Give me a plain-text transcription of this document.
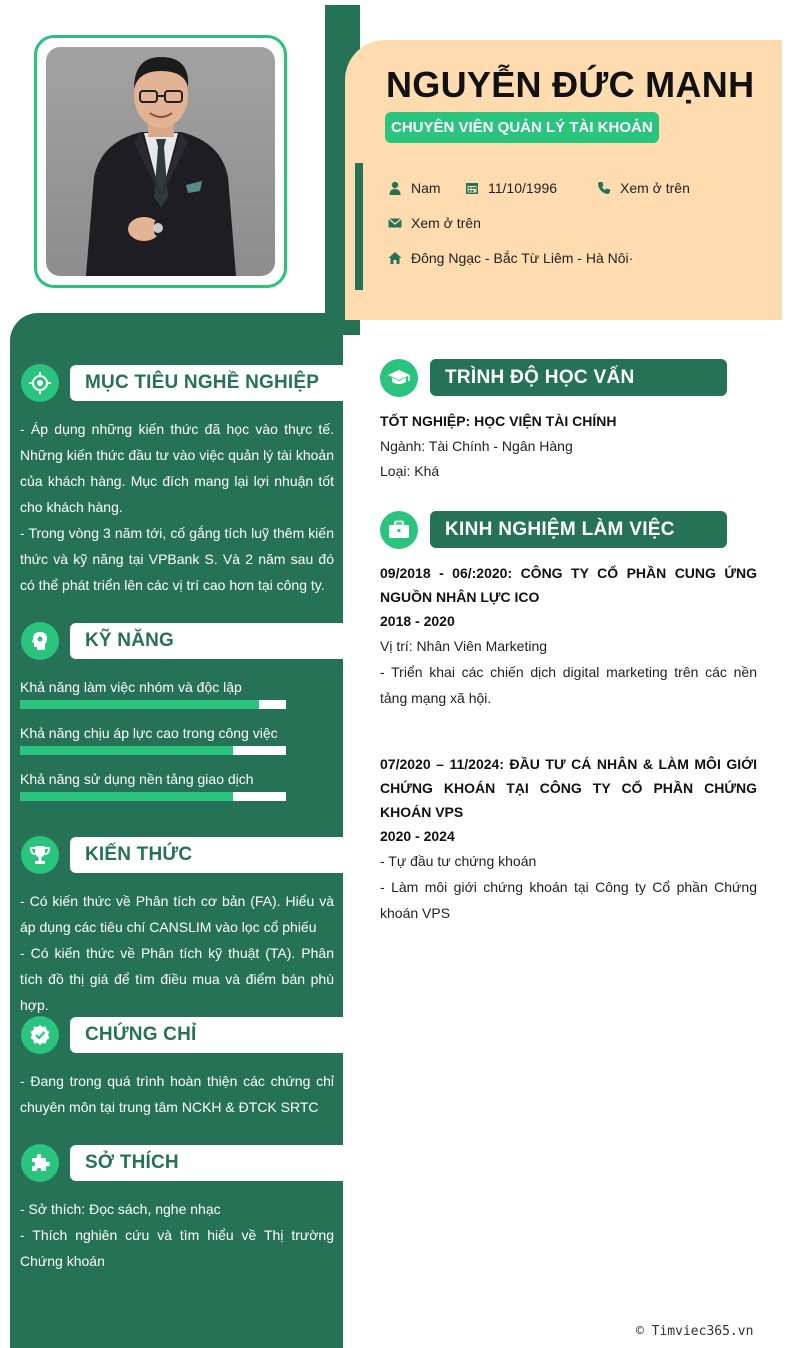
NGUYỄN ĐỨC MẠNH
CHUYÊN VIÊN QUẢN LÝ TÀI KHOẢN
Nam	11/10/1996	Xem ở trên
Xem ở trên
Đông Ngạc - Bắc Từ Liêm - Hà Nôi·
MỤC TIÊU NGHỀ NGHIỆP

- Áp dụng những kiến thức đã học vào thực tế. Những kiến thức đầu tư vào việc quản lý tài khoản của khách hàng. Mục đích mang lại lợi nhuận tốt cho khách hàng.

- Trong vòng 3 năm tới, cố gắng tích luỹ thêm kiến thức và kỹ năng tại VPBank S. Và 2 năm sau đó có thể phát triển lên các vị trí cao hơn tại công ty.

KỸ NĂNG
Khả năng làm việc nhóm và độc lập
Khả năng chịu áp lực cao trong công việc
Khả năng sử dụng nền tảng giao dịch
KIẾN THỨC

- Có kiến thức về Phân tích cơ bản (FA). Hiểu và áp dụng các tiêu chí CANSLIM vào lọc cổ phiếu

- Có kiến thức về Phân tích kỹ thuật (TA). Phân tích đồ thị giá để tìm điều mua và điểm bán phù hợp.

CHỨNG CHỈ

- Đang trong quá trình hoàn thiện các chứng chỉ chuyên môn tại trung tâm NCKH & ĐTCK SRTC

SỞ THÍCH

- Sở thích: Đọc sách, nghe nhạc

- Thích nghiên cứu và tìm hiểu về Thị trường Chứng khoán

TRÌNH ĐỘ HỌC VẤN

TỐT NGHIỆP: HỌC VIỆN TÀI CHÍNH

Ngành: Tài Chính - Ngân Hàng

Loại: Khá

KINH NGHIỆM LÀM VIỆC

09/2018 - 06/:2020: CÔNG TY CỔ PHẦN CUNG ỨNG NGUỒN NHÂN LỰC ICO

2018 - 2020

Vị trí: Nhân Viên Marketing

- Triển khai các chiến dịch digital marketing trên các nền tảng mạng xã hội.

07/2020 – 11/2024: ĐẦU TƯ CÁ NHÂN & LÀM MÔI GIỚI CHỨNG KHOÁN TẠI CÔNG TY CỔ PHẦN CHỨNG KHOÁN VPS

2020 - 2024

- Tự đầu tư chứng khoán

- Làm môi giới chứng khoán tại Công ty Cổ phần Chứng khoán VPS

© Timviec365.vn
